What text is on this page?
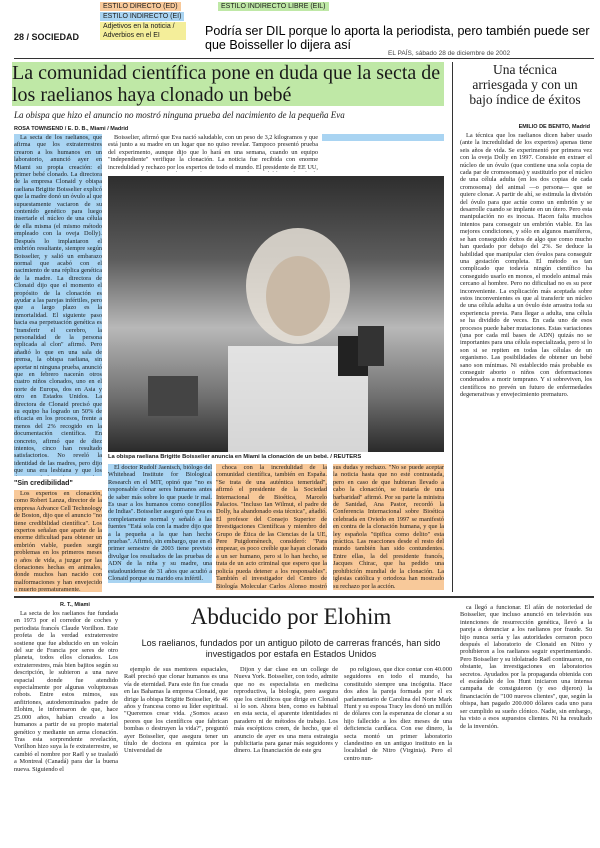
ESTILO DIRECTO (ED)
ESTILO INDIRECTO (EI)
ESTILO INDIRECTO LIBRE (EIL)
Adjetivos en la noticia / Adverbios en el EI	Podría ser DIL porque lo aporta la periodista, pero también puede ser que Boisseller lo dijera así
28 / SOCIEDAD
EL PAÍS, sábado 28 de diciembre de 2002
La comunidad científica pone en duda que la secta de los raelianos haya clonado un bebé
La obispa que hizo el anuncio no mostró ninguna prueba del nacimiento de la pequeña Eva
Una técnica arriesgada y con un bajo índice de éxitos
ROSA TOWNSEND / E. D. B., Miami / Madrid

La secta de los raelianos, que afirma que los extraterrestres crearon a los humanos en un laboratorio, anunció ayer en Miami su propia creación: el primer bebé clonado. La directora de la empresa Clonaid y obispa raeliana Brigitte Boisselier explicó que la madre donó un óvulo al que supuestamente vaciaron de su contenido genético para luego insertarle el núcleo de una célula de ella misma (el mismo método empleado con la oveja Dolly). Después lo implantaron el embrión resultante, siempre según Boisselier, y salió un embarazo normal que acabó con el nacimiento de una réplica genética de la madre. La directora de Clonaid dijo que el momento el propósito de la clonación es ayudar a las parejas infértiles, pero que a largo plazo es la inmortalidad. El siguiente paso hacia esa perpetuación genética es "transferir el cerebro, la personalidad de la persona replicada al clon" afirmó. Pero añadió lo que en una sala de prensa, la obispa raeliana, sin aportar ni ninguna prueba, anunció que en febrero nacerán otros cuatro niños clonados, uno en el norte de Europa, dos en Asia y otro en Estados Unidos. La directora de Clonaid precisó que su equipo ha logrado un 50% de eficacia en los procesos, frente a menos del 2% recogido en la documentación científica. En concreto, afirmó que de diez intentos, cinco han resultado satisfactorios. No reveló la identidad de las madres, pero dijo que una era lesbiana y que los

"Sin credibilidad"

Los expertos en clonación, como Robert Lanza, director de la empresa Advance Cell Technology de Boston, dijo que el anuncio "no tiene credibilidad científica". Los expertos señalan que aparte de la enorme dificultad para obtener un embrión viable, pueden surgir problemas en los primeros meses o años de vida, a juzgar por las clonaciones hechas en animales, donde muchos han nacido con malformaciones y han envejecido o muerto prematuramente.

Boisselier, afirmó que Eva nació saludable, con un peso de 3,2 kilogramos y que está junto a su madre en un lugar que no quiso revelar. Tampoco presentó prueba del experimento, aunque dijo que lo hará en una semana, cuando un equipo "independiente" verifique la clonación. La noticia fue recibida con enorme incredulidad y rechazo por los expertos de todo el mundo. El presidente de EE UU,

La obispa raeliana Brigitte Boisselier anuncia en Miami la clonación de un bebé. / REUTERS

El doctor Rudolf Jaenisch, biólogo del Whitehead Institute for Biological Research en el MIT, opinó que "no es responsable clonar seres humanos antes de saber más sobre lo que puede ir mal. Es usar a los humanos como conejillos de Indias". Boisselier aseguró que Eva es completamente normal y señaló a las fuentes "Está sola con la madre dijo que a la pequeña a la que han hecho pruebas". Afirmó, sin embargo, que en el primer semestre de 2003 tiene previsto divulgar los resultados de las pruebas de ADN de la niña y su madre, una estadounidense de 31 años que acudió a Clonaid porque su marido era infértil.

choca con la incredulidad de la comunidad científica, también en España. "Se trata de una auténtica temeridad", afirmó el presidente de la Sociedad Internacional de Bioética, Marcelo Palacios. "Incluso Ian Wilmut, el padre de Dolly, ha abandonado esta técnica", añadió. El profesor del Consejo Superior de Investigaciones Científicas y miembro del Grupo de Ética de las Ciencias de la UE, Pere Puigdomènech, consideró: "Para empezar, es poco creíble que hayan clonado a un ser humano, pero si lo han hecho, se trata de un acto criminal que espero que la policía pueda detener a los responsables". También el investigador del Centro de Biología Molecular Carlos Alonso mostró sus dudas y rechazo. "No se puede aceptar la noticia hasta que no esté contrastada, pero en caso de que hubieran llevado a cabo la clonación, se trataría de una barbaridad" afirmó. Por su parte la ministra de Sanidad, Ana Pastor, recordó la Conferencia Internacional sobre Bioética celebrada en Oviedo en 1997 se manifestó en contra de la clonación humana, y que la ley española "tipifica como delito" esta práctica. Las reacciones desde el resto del mundo también han sido contundentes. Entre ellas, la del presidente francés, Jacques Chirac, que ha pedido una prohibición mundial de la clonación. La iglesias católica y ortodoxa han mostrado su rechazo por la acción.

EMILIO DE BENITO, Madrid

La técnica que los raelianos dicen haber usado (ante la incredulidad de los expertos) apenas tiene seis años de vida. Se experimentó por primera vez con la oveja Dolly en 1997. Consiste en extraer el núcleo de un óvulo (que contiene una sola copia de cada par de cromosomas) y sustituirlo por el núcleo de una célula adulta (en los dos copias de cada cromosoma) del animal —o persona— que se quiere clonar. A partir de ahí, se estimula la división del óvulo para que actúe como un embrión y se desarrolle cuando se implante en un útero. Pero esta manipulación no es inocua. Hacen falta muchos intentos para conseguir un embrión viable. En las mejores condiciones, y sólo en algunos mamíferos, se han conseguido éxitos de algo que como mucho han quedado por debajo del 2%. Se deduce la habilidad que manipular cien óvulos para conseguir una gestación completa. El método es tan complicado que todavía ningún científico ha conseguido usarlo en monos, el modelo animal más cercano al hombre. Pero no dificultad no es su peor inconveniente. La explicación más aceptada sobre estos inconvenientes es que al transferir un núcleo de una célula adulta a un óvulo éste arrastra toda su experiencia previa. Para llegar a adulta, una célula se ha dividido de veces. En cada uno de esos procesos puede haber mutaciones. Estas variaciones (una por cada mil bases de ADN) quizás no se importantes para una célula especializada, pero si lo son si se repiten en todas las células de un organismo. Las posibilidades de obtener un bebé sano son mínimas. Ni establecido más probable es conseguir aborto o niños con deformaciones condenados a morir temprano. Y si sobreviven, los científicos no prevén un futuro de enfermedades degenerativas y envejecimiento prematuro.

R. T., Miami

La secta de los raelianos fue fundada en 1973 por el corredor de coches y periodista francés Claude Vorilhon. Este profeta de la verdad extraterrestre sostiene que fue abducido en un volcán del sur de Francia por seres de otro planeta, todos ellos clonados. Los extraterrestres, más bien bajitos según su descripción, le subieron a una nave espacial donde fue atendido especialmente por algunas voluptuosas robots. Entre estos mimos, sus anfitriones, autodenominados padre de Elohim, le informaron de que, hace 25.000 años, habían creado a los humanos a partir de su propio material genético y mediante un arma clonación. Tras esta sorprendente revelación, Vorilhon hizo suya la fe extraterrestre, se cambió el nombre por Raël y se trasladó a Montreal (Canadá) para dar la buena nueva. Siguiendo el

Abducido por Elohim
Los raelianos, fundados por un antiguo piloto de carreras francés, han sido investigados por estafa en Estados Unidos

ejemplo de sus mentores espaciales, Raël precisó que clonar humanos es una vía de eternidad. Para este fin fue creada en las Bahamas la empresa Clonaid, que dirige la obispa Brigitte Boisselier, de 46 años y francesa como su líder espiritual. "Queremos crear vida. ¿Somos acaso peores que los científicos que fabrican bombas o destruyen la vida?", preguntó ayer Boisselier, que asegura tener un título de doctora en química por la Universidad de

Dijon y dar clase en un college de Nueva York. Boisselier, con todo, admite que no es especialista en medicina reproductiva, la biología, pero asegura que los científicos que dirige en Clonaid sí lo son. Ahora bien, como es habitual en esta secta, el aparente identidades ni paradero ni de métodos de trabajo. Los más escépticos creen, de hecho, que el anuncio de ayer es una mera estrategia publicitaria para ganar más seguidores y dinero. La financiación de este gru

po religioso, que dice contar con 40.000 seguidores en todo el mundo, ha constituido siempre una incógnita. Hace dos años la pareja formada por el ex parlamentario de Carolina del Norte Mark Hunt y su esposa Tracy les donó un millón de dólares con la esperanza de clonar a su hijo fallecido a los diez meses de una deficiencia cardíaca. Con ese dinero, la secta montó un primer laboratorio clandestino en un antiguo instituto en la localidad de Nitro (Virginia). Pero el centro nun-

ca llegó a funcionar. El afán de notoriedad de Boisselier, que incluso anunció en televisión sus intenciones de resurrección genética, llevó a la pareja a denunciar a los raelianos por fraude. Su hijo nunca sería y las autoridades cerraron poco después el laboratorio de Clonaid en Nitro y prohibieron a los raelianos seguir experimentando. Pero Boisselier y su idolatrado Raël continuaron, no obstante, las investigaciones en laboratorios secretos. Ayudados por la propaganda obtenida con el escándalo de los Hunt iniciaron una intensa campaña de consiguieron (y eso dijeron) la financiación de "100 nuevos clientes", que, según la obispa, han pagado 200.000 dólares cada uno para ser cumplido su sueño clónico. Nadie, sin embargo, ha visto a esos supuestos clientes. Ni ha resultado de la inversión.
